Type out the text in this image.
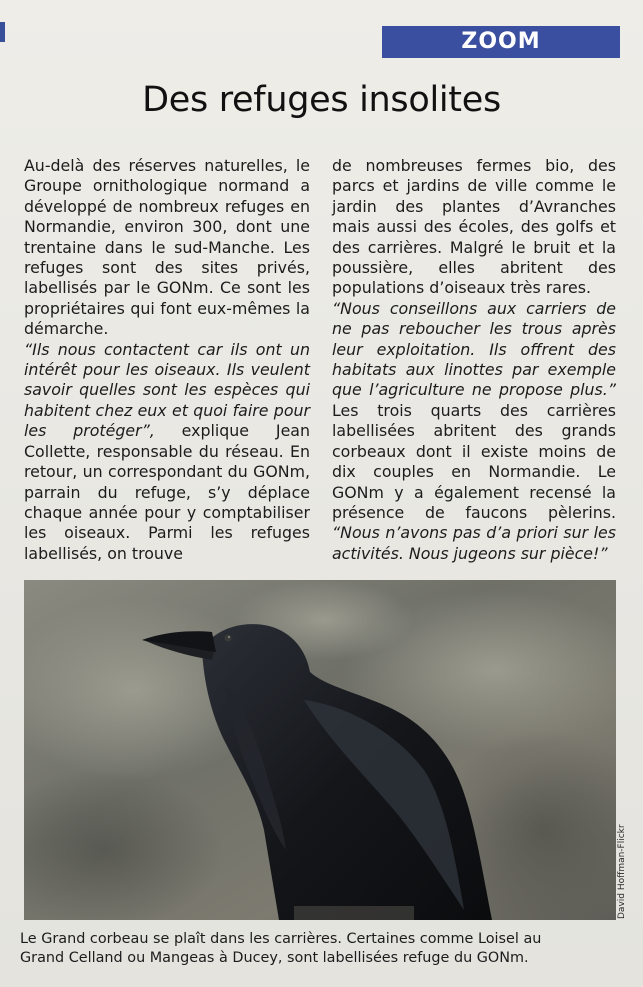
ZOOM
Des refuges insolites

Au-delà des réserves naturelles, le Groupe ornithologique normand a développé de nombreux refuges en Normandie, environ 300, dont une trentaine dans le sud-Manche. Les refuges sont des sites privés, labellisés par le GONm. Ce sont les propriétaires qui font eux-mêmes la démarche.

“Ils nous contactent car ils ont un intérêt pour les oiseaux. Ils veulent savoir quelles sont les espèces qui habitent chez eux et quoi faire pour les protéger”, explique Jean Collette, responsable du réseau. En retour, un correspondant du GONm, parrain du refuge, s’y déplace chaque année pour y comptabiliser les oiseaux. Parmi les refuges labellisés, on trouve

de nombreuses fermes bio, des parcs et jardins de ville comme le jardin des plantes d’Avranches mais aussi des écoles, des golfs et des carrières. Malgré le bruit et la poussière, elles abritent des populations d’oiseaux très rares.

“Nous conseillons aux carriers de ne pas reboucher les trous après leur exploitation. Ils offrent des habitats aux linottes par exemple que l’agriculture ne propose plus.” Les trois quarts des carrières labellisées abritent des grands corbeaux dont il existe moins de dix couples en Normandie. Le GONm y a également recensé la présence de faucons pèlerins. “Nous n’avons pas d’a priori sur les activités. Nous jugeons sur pièce!”

David Hoffman-Flickr

Le Grand corbeau se plaît dans les carrières. Certaines comme Loisel au

Grand Celland ou Mangeas à Ducey, sont labellisées refuge du GONm.
